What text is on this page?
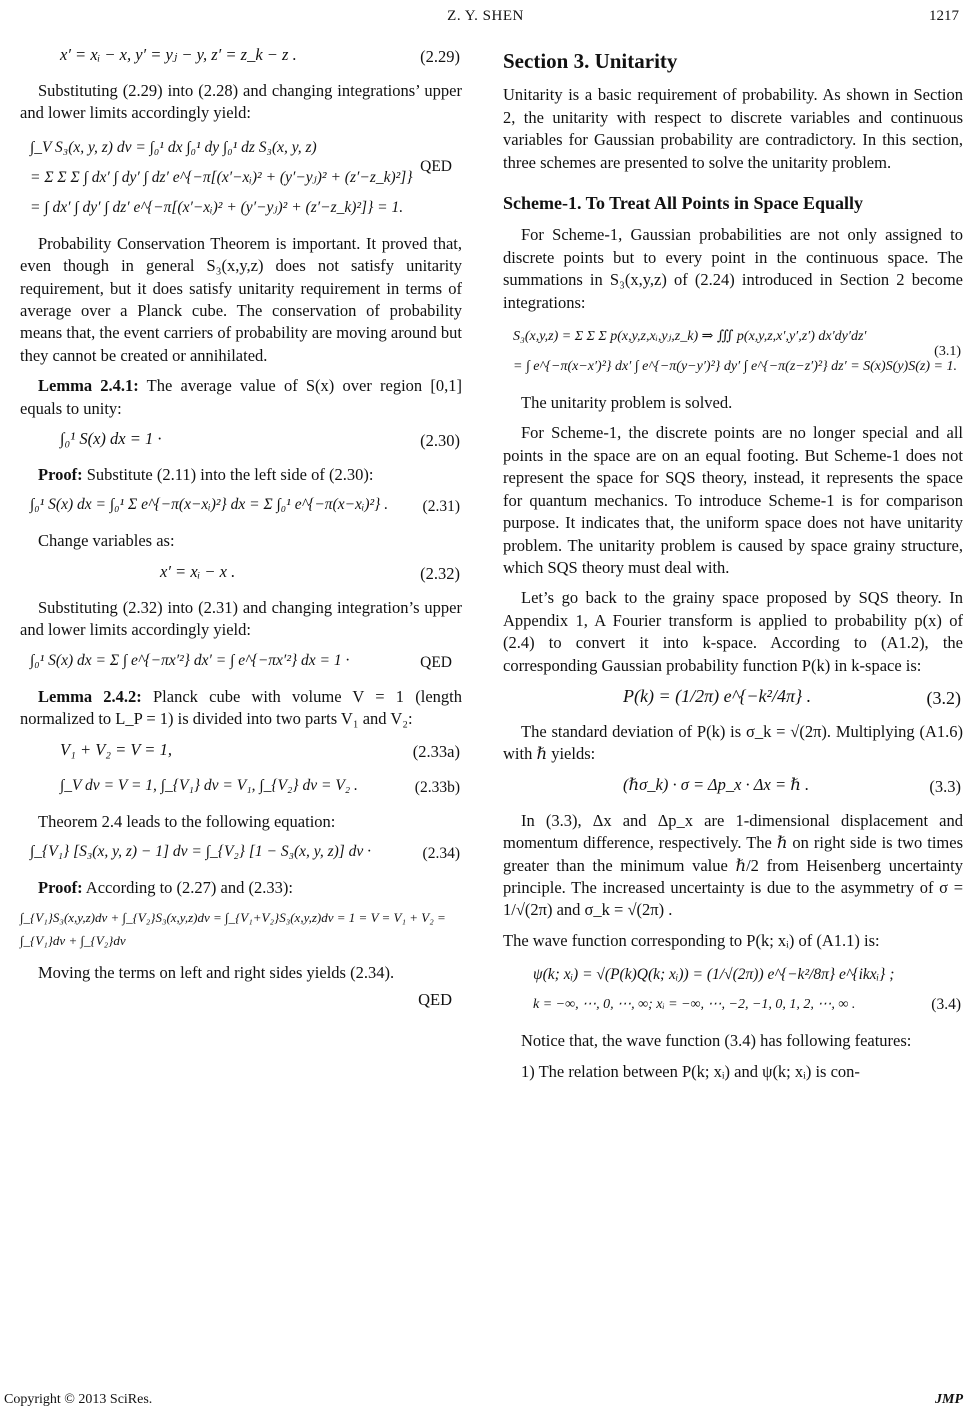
Z. Y. SHEN	1217
x′ = xᵢ − x, y′ = yⱼ − y, z′ = z_k − z .	(2.29)

Substituting (2.29) into (2.28) and changing integrations’ upper and lower limits accordingly yield:

∫_V S₃(x, y, z) dv = ∫₀¹ dx ∫₀¹ dy ∫₀¹ dz S₃(x, y, z)
= Σ Σ Σ ∫ dx′ ∫ dy′ ∫ dz′ e^{−π[(x′−xᵢ)² + (y′−yⱼ)² + (z′−z_k)²]}
= ∫ dx′ ∫ dy′ ∫ dz′ e^{−π[(x′−xᵢ)² + (y′−yⱼ)² + (z′−z_k)²]} = 1.
QED

Probability Conservation Theorem is important. It proved that, even though in general S₃(x,y,z) does not satisfy unitarity requirement, but it does satisfy unitarity requirement in terms of average over a Planck cube. The conservation of probability means that, the event carriers of probability are moving around but they cannot be created or annihilated.

Lemma 2.4.1: The average value of S(x) over region [0,1] equals to unity:

∫₀¹ S(x) dx = 1 ·	(2.30)

Proof: Substitute (2.11) into the left side of (2.30):

∫₀¹ S(x) dx = ∫₀¹ Σ e^{−π(x−xᵢ)²} dx = Σ ∫₀¹ e^{−π(x−xᵢ)²} .	(2.31)

Change variables as:

x′ = xᵢ − x .	(2.32)

Substituting (2.32) into (2.31) and changing integration’s upper and lower limits accordingly yield:

∫₀¹ S(x) dx = Σ ∫ e^{−πx′²} dx′ = ∫ e^{−πx′²} dx = 1 ·	QED

Lemma 2.4.2: Planck cube with volume V = 1 (length normalized to L_P = 1) is divided into two parts V₁ and V₂:

V₁ + V₂ = V = 1,	(2.33a)
∫_V dv = V = 1, ∫_{V₁} dv = V₁, ∫_{V₂} dv = V₂ .	(2.33b)

Theorem 2.4 leads to the following equation:

∫_{V₁} [S₃(x, y, z) − 1] dv = ∫_{V₂} [1 − S₃(x, y, z)] dv ·	(2.34)

Proof: According to (2.27) and (2.33):

∫_{V₁}S₃(x,y,z)dv + ∫_{V₂}S₃(x,y,z)dv = ∫_{V₁+V₂}S₃(x,y,z)dv = 1 = V = V₁ + V₂ = ∫_{V₁}dv + ∫_{V₂}dv

Moving the terms on left and right sides yields (2.34).

QED
Section 3. Unitarity

Unitarity is a basic requirement of probability. As shown in Section 2, the unitarity with respect to discrete variables and continuous variables for Gaussian probability are contradictory. In this section, three schemes are presented to solve the unitarity problem.

Scheme-1. To Treat All Points in Space Equally

For Scheme-1, Gaussian probabilities are not only assigned to discrete points but to every point in the continuous space. The summations in S₃(x,y,z) of (2.24) introduced in Section 2 become integrations:

S₃(x,y,z) = Σ Σ Σ p(x,y,z,xᵢ,yⱼ,z_k) ⇒ ∭ p(x,y,z,x′,y′,z′) dx′dy′dz′
= ∫ e^{−π(x−x′)²} dx′ ∫ e^{−π(y−y′)²} dy′ ∫ e^{−π(z−z′)²} dz′ = S(x)S(y)S(z) = 1.
(3.1)

The unitarity problem is solved.

For Scheme-1, the discrete points are no longer special and all points in the space are on an equal footing. But Scheme-1 does not represent the space for SQS theory, instead, it represents the space for quantum mechanics. To introduce Scheme-1 is for comparison purpose. It indicates that, the uniform space does not have unitarity problem. The unitarity problem is caused by space grainy structure, which SQS theory must deal with.

Let’s go back to the grainy space proposed by SQS theory. In Appendix 1, A Fourier transform is applied to probability p(x) of (2.4) to convert it into k-space. According to (A1.2), the corresponding Gaussian probability function P(k) in k-space is:

P(k) = (1/2π) e^{−k²/4π} .	(3.2)

The standard deviation of P(k) is σ_k = √(2π). Multiplying (A1.6) with ℏ yields:

(ℏσ_k) · σ = Δp_x · Δx = ℏ .	(3.3)

In (3.3), Δx and Δp_x are 1-dimensional displacement and momentum difference, respectively. The ℏ on right side is two times greater than the minimum value ℏ/2 from Heisenberg uncertainty principle. The increased uncertainty is due to the asymmetry of σ = 1/√(2π) and σ_k = √(2π) .

The wave function corresponding to P(k; xᵢ) of (A1.1) is:

ψ(k; xᵢ) = √(P(k)Q(k; xᵢ)) = (1/√(2π)) e^{−k²/8π} e^{ikxᵢ} ;
k = −∞, ⋯, 0, ⋯, ∞; xᵢ = −∞, ⋯, −2, −1, 0, 1, 2, ⋯, ∞ .	(3.4)

Notice that, the wave function (3.4) has following features:

1) The relation between P(k; xᵢ) and ψ(k; xᵢ) is con-

Copyright © 2013 SciRes.	JMP
